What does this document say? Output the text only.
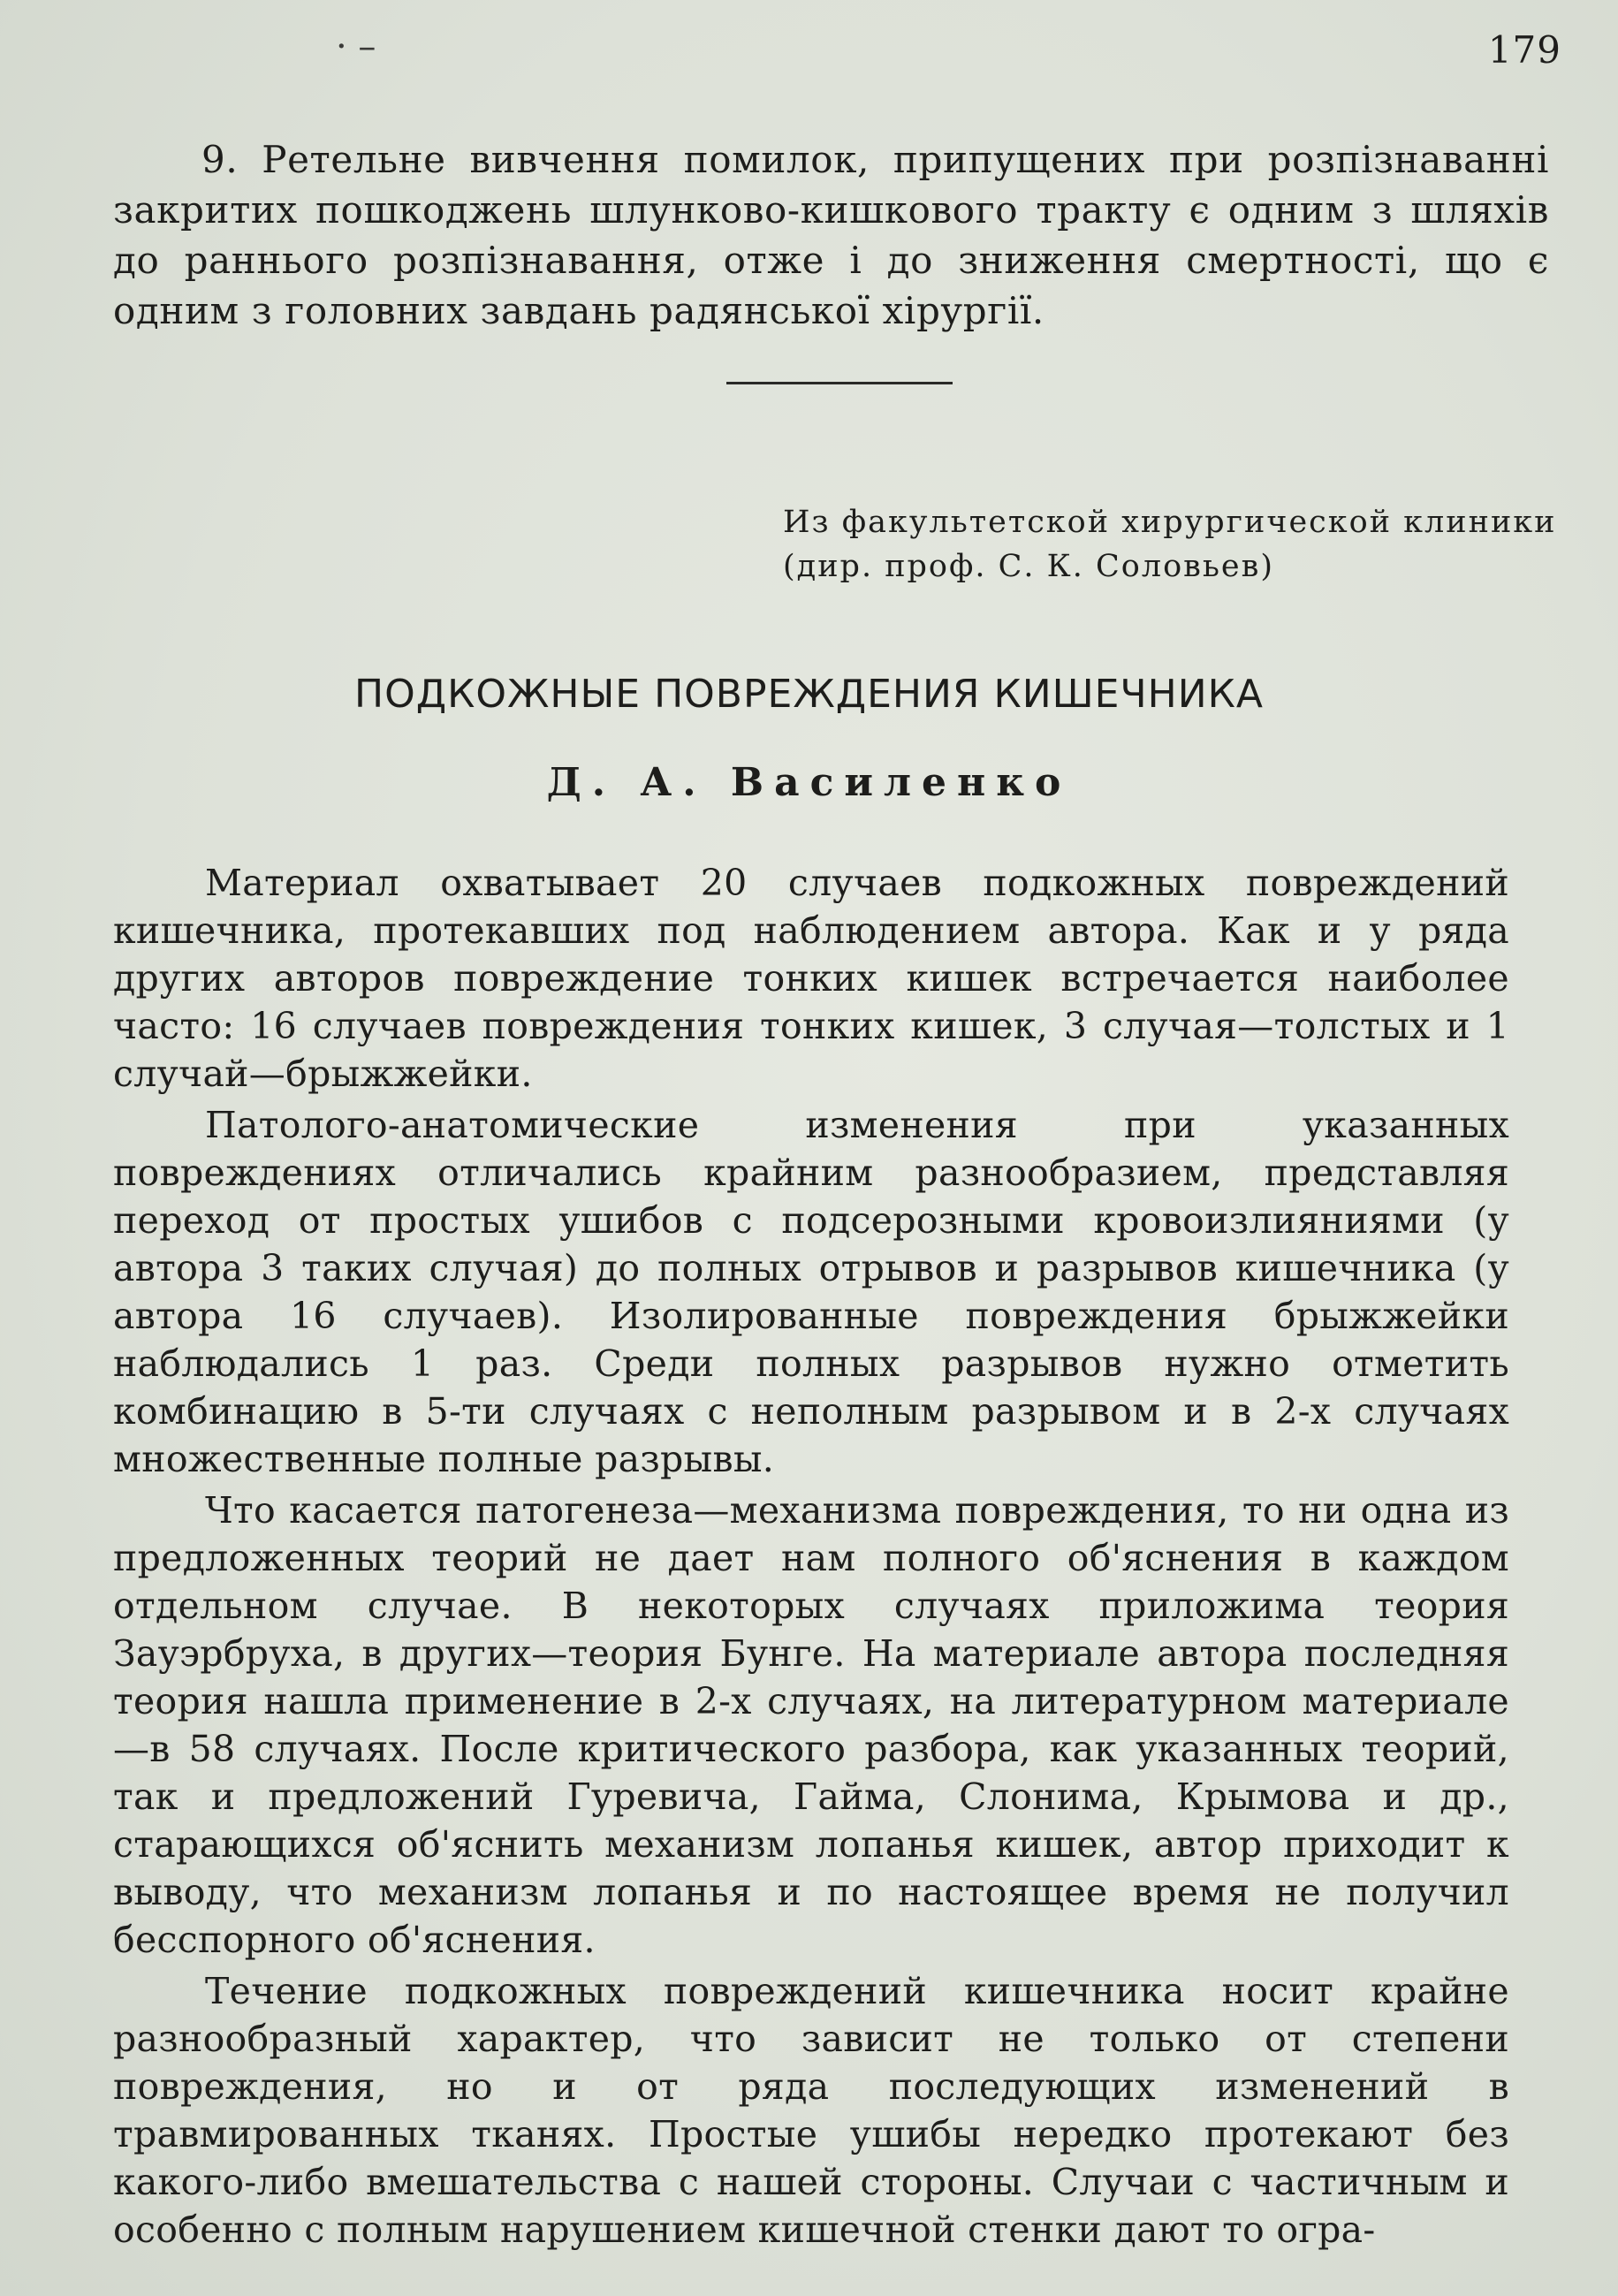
· –	179

9. Ретельне вивчення помилок, припущених при розпізнаванні закритих пошкоджень шлунково-кишкового тракту є одним з шляхів до раннього розпізнавання, отже і до зниження смертності, що є одним з головних завдань радянської хірургії.

Из факультетской хирургической клиники
(дир. проф. С. К. Соловьев)
ПОДКОЖНЫЕ ПОВРЕЖДЕНИЯ КИШЕЧНИКА
Д. А. Василенко

Материал охватывает 20 случаев подкожных повреждений кишечника, протекавших под наблюдением автора. Как и у ряда других авторов повреждение тонких кишек встречается наиболее часто: 16 случаев повреждения тонких кишек, 3 случая—толстых и 1 случай—брыжжейки.

Патолого-анатомические изменения при указанных повреждениях отличались крайним разнообразием, представляя переход от простых ушибов с подсерозными кровоизлияниями (у автора 3 таких случая) до полных отрывов и разрывов кишечника (у автора 16 случаев). Изолированные повреждения брыжжейки наблюдались 1 раз. Среди полных разрывов нужно отметить комбинацию в 5-ти случаях с неполным разрывом и в 2-х случаях множественные полные разрывы.

Что касается патогенеза—механизма повреждения, то ни одна из предложенных теорий не дает нам полного об'яснения в каждом отдельном случае. В некоторых случаях приложима теория Зауэрбруха, в других—теория Бунге. На материале автора последняя теория нашла применение в 2-х случаях, на литературном материале—в 58 случаях. После критического разбора, как указанных теорий, так и предложений Гуревича, Гайма, Слонима, Крымова и др., старающихся об'яснить механизм лопанья кишек, автор приходит к выводу, что механизм лопанья и по настоящее время не получил бесспорного об'яснения.

Течение подкожных повреждений кишечника носит крайне разнообразный характер, что зависит не только от степени повреждения, но и от ряда последующих изменений в травмированных тканях. Простые ушибы нередко протекают без какого-либо вмешательства с нашей стороны. Случаи с частичным и особенно с полным нарушением кишечной стенки дают то огра-
